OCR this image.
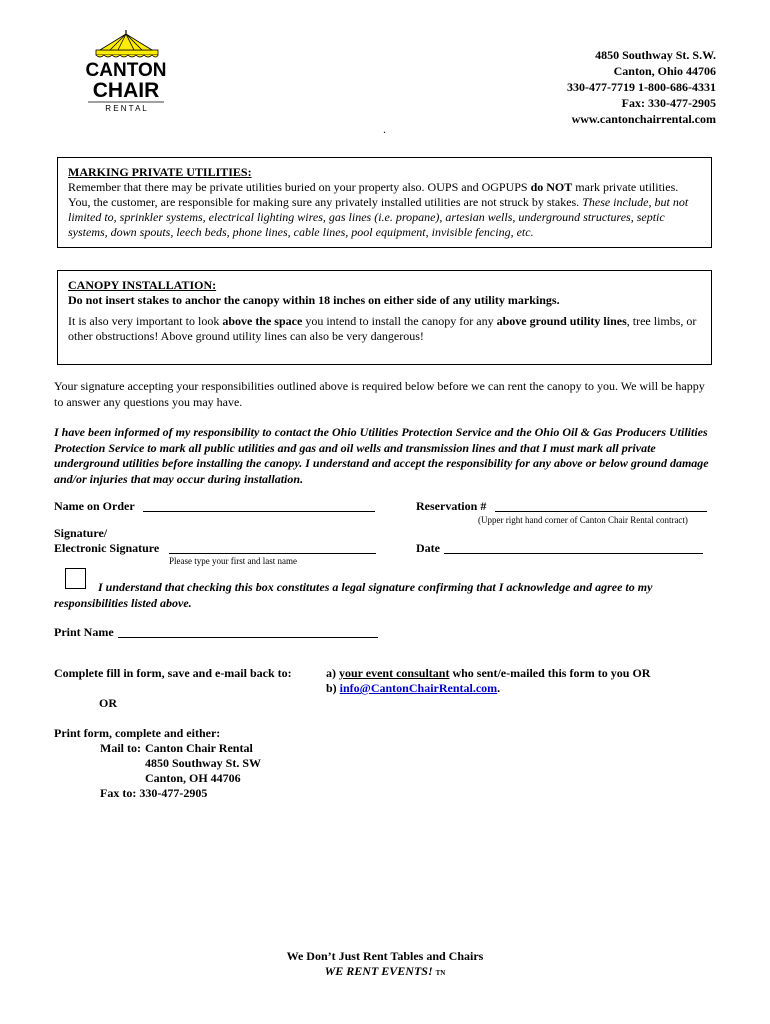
CANTON
CHAIR
R E N T A L
4850 Southway St. S.W.
Canton, Ohio 44706
330-477-7719 1-800-686-4331
Fax: 330-477-2905
www.cantonchairrental.com
.
MARKING PRIVATE UTILITIES:
Remember that there may be private utilities buried on your property also. OUPS and OGPUPS do NOT mark private utilities. You, the customer, are responsible for making sure any privately installed utilities are not struck by stakes. These include, but not limited to, sprinkler systems, electrical lighting wires, gas lines (i.e. propane), artesian wells, underground structures, septic systems, down spouts, leech beds, phone lines, cable lines, pool equipment, invisible fencing, etc.
CANOPY INSTALLATION:
Do not insert stakes to anchor the canopy within 18 inches on either side of any utility markings.
It is also very important to look above the space you intend to install the canopy for any above ground utility lines, tree limbs, or other obstructions! Above ground utility lines can also be very dangerous!
Your signature accepting your responsibilities outlined above is required below before we can rent the canopy to you. We will be happy to answer any questions you may have.
I have been informed of my responsibility to contact the Ohio Utilities Protection Service and the Ohio Oil & Gas Producers Utilities Protection Service to mark all public utilities and gas and oil wells and transmission lines and that I must mark all private underground utilities before installing the canopy. I understand and accept the responsibility for any above or below ground damage and/or injuries that may occur during installation.
Name on Order	Reservation #
(Upper right hand corner of Canton Chair Rental contract)
Signature/
Electronic Signature
Please type your first and last name
Date
I understand that checking this box constitutes a legal signature confirming that I acknowledge and agree to my responsibilities listed above.
Print Name
Complete fill in form, save and e-mail back to:	a) your event consultant who sent/e-mailed this form to you OR
b) info@CantonChairRental.com.
OR
Print form, complete and either:
Mail to: Canton Chair Rental
4850 Southway St. SW
Canton, OH 44706
Fax to: 330-477-2905
We Don’t Just Rent Tables and Chairs
WE RENT EVENTS! TN
